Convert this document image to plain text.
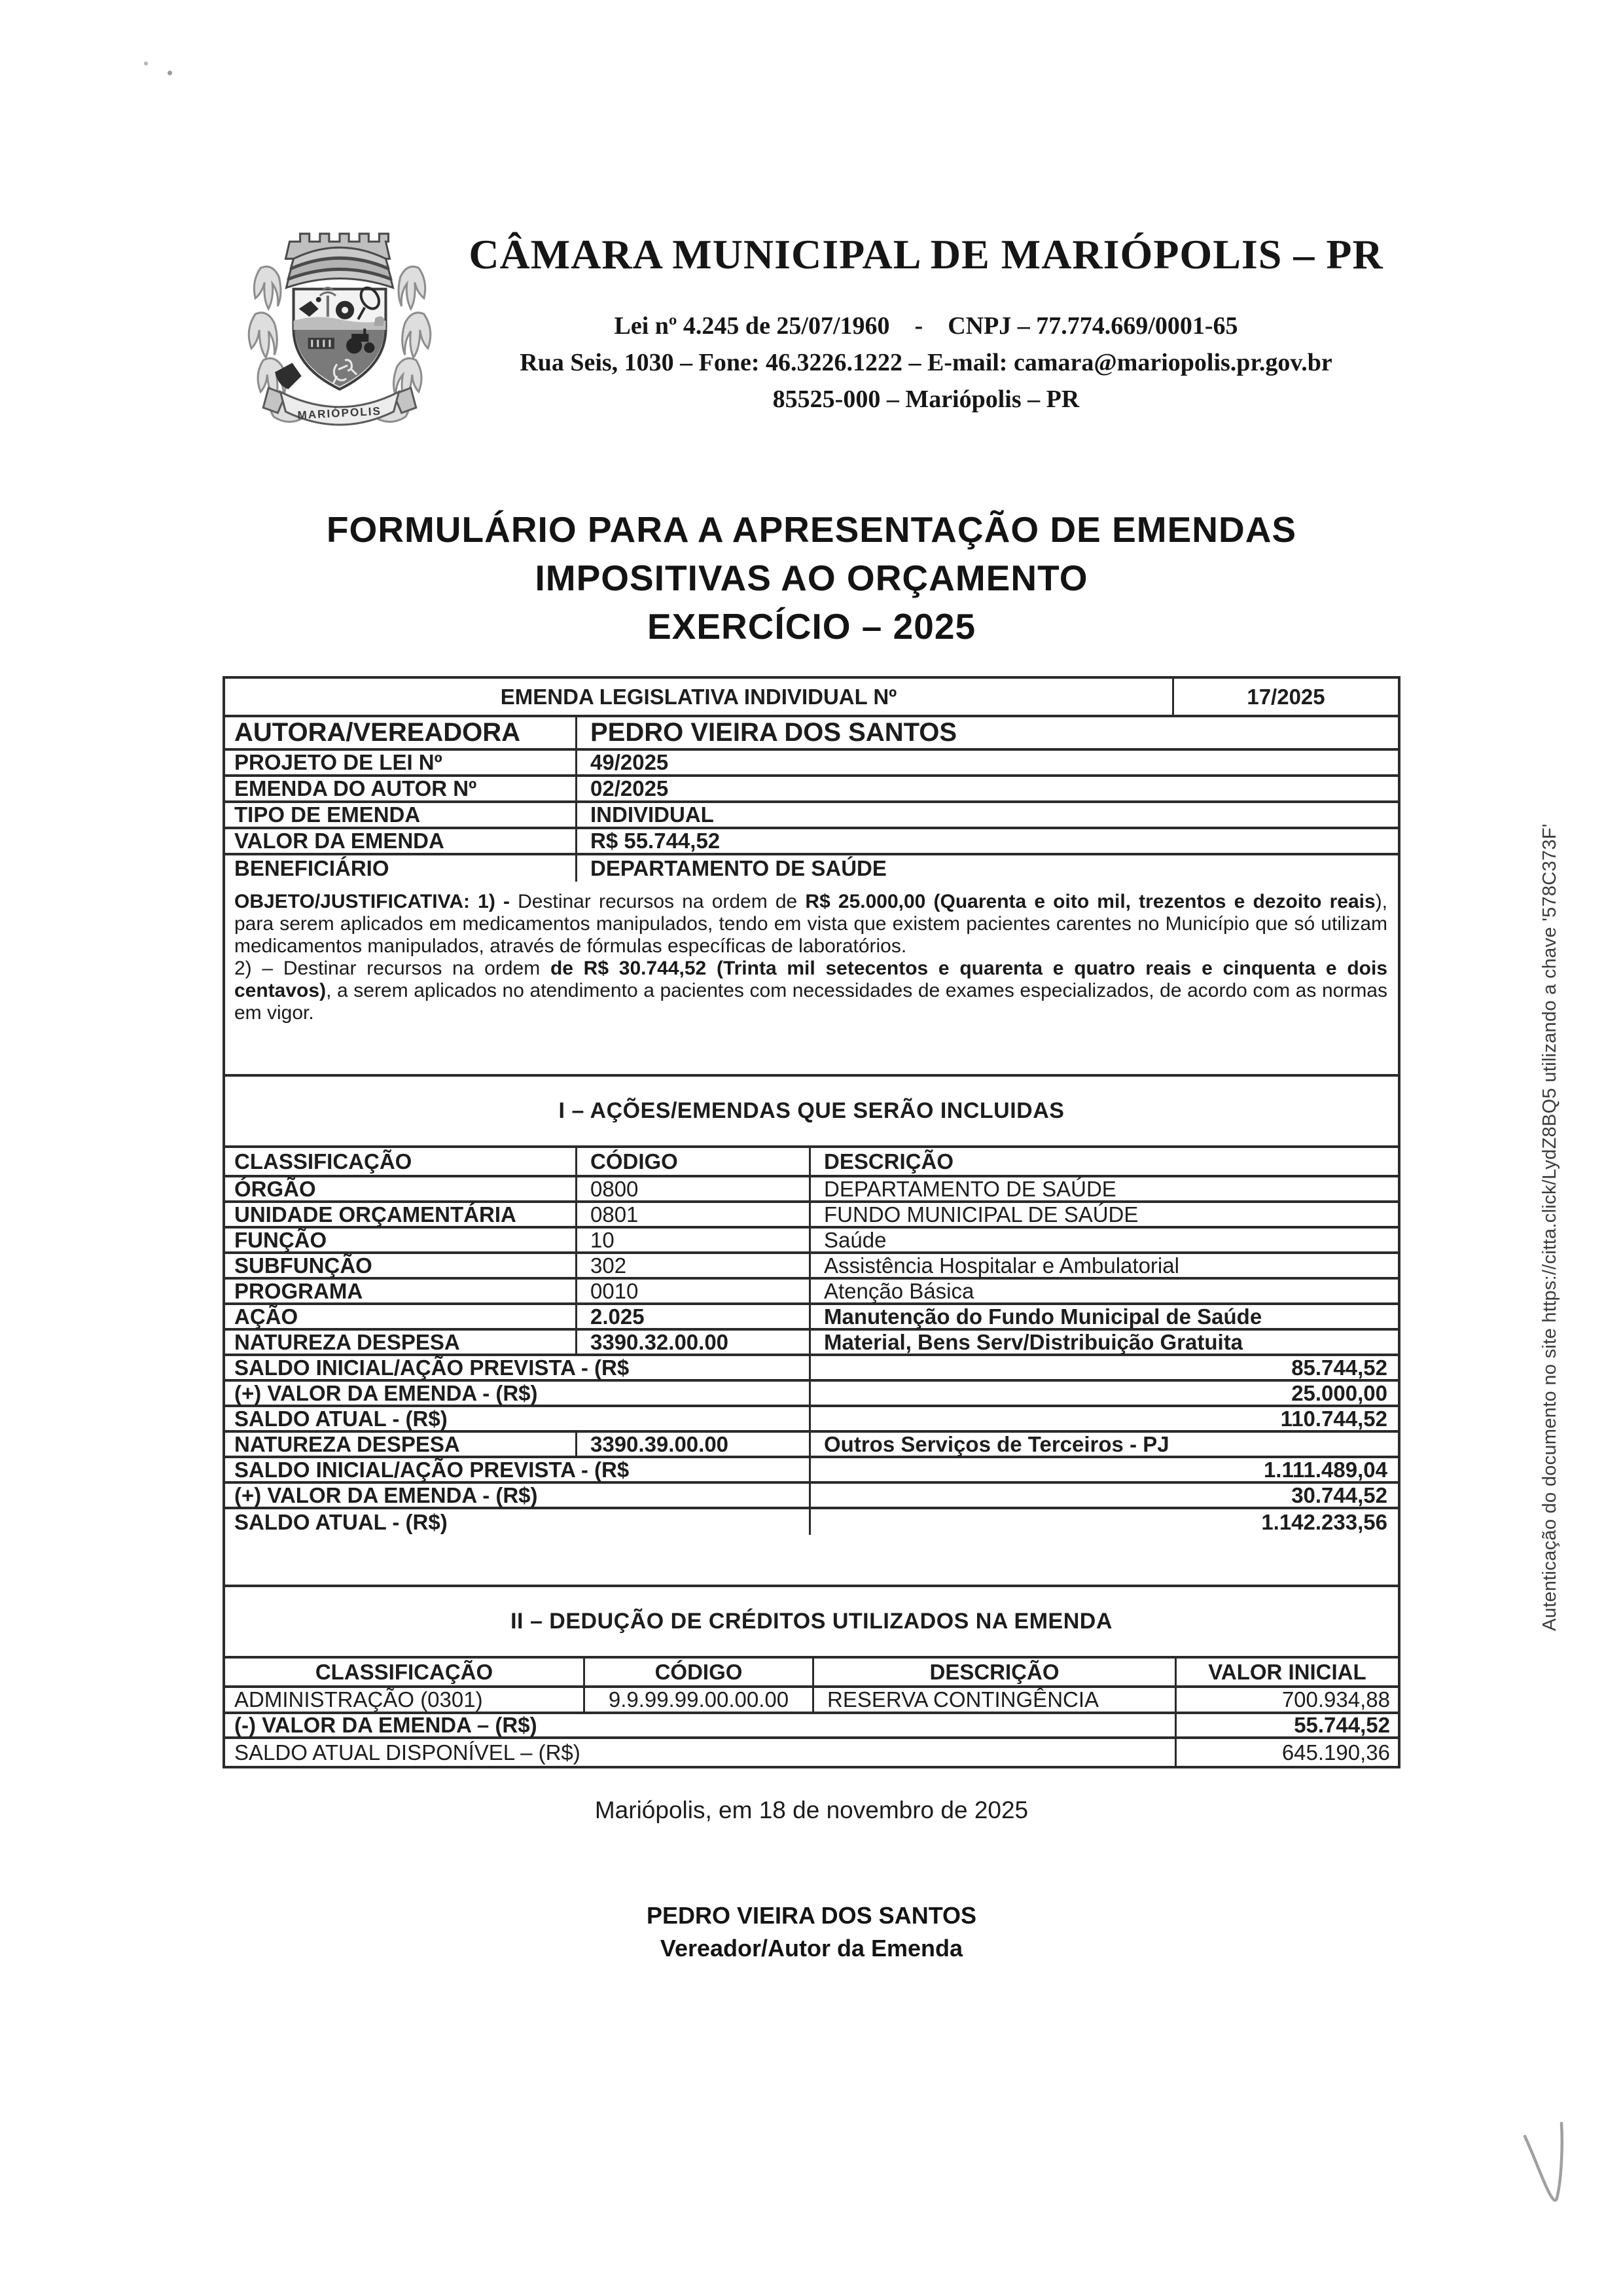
MARIÓPOLIS
CÂMARA MUNICIPAL DE MARIÓPOLIS – PR
Lei nº 4.245 de 25/07/1960    -    CNPJ – 77.774.669/0001-65
Rua Seis, 1030 – Fone: 46.3226.1222 – E-mail: camara@mariopolis.pr.gov.br
85525-000 – Mariópolis – PR
FORMULÁRIO PARA A APRESENTAÇÃO DE EMENDAS
IMPOSITIVAS AO ORÇAMENTO
EXERCÍCIO – 2025
EMENDA LEGISLATIVA INDIVIDUAL Nº	17/2025
AUTORA/VEREADORA	PEDRO VIEIRA DOS SANTOS
PROJETO DE LEI Nº	49/2025
EMENDA DO AUTOR Nº	02/2025
TIPO DE EMENDA	INDIVIDUAL
VALOR DA EMENDA	R$ 55.744,52
BENEFICIÁRIO	DEPARTAMENTO DE SAÚDE
OBJETO/JUSTIFICATIVA: 1) - Destinar recursos na ordem de R$ 25.000,00 (Quarenta e oito mil, trezentos e dezoito reais), para serem aplicados em medicamentos manipulados, tendo em vista que existem pacientes carentes no Município que só utilizam medicamentos manipulados, através de fórmulas específicas de laboratórios.
2) – Destinar recursos na ordem de R$ 30.744,52 (Trinta mil setecentos e quarenta e quatro reais e cinquenta e dois centavos), a serem aplicados no atendimento a pacientes com necessidades de exames especializados, de acordo com as normas em vigor.
I – AÇÕES/EMENDAS QUE SERÃO INCLUIDAS
CLASSIFICAÇÃO	CÓDIGO	DESCRIÇÃO
ÓRGÃO	0800	DEPARTAMENTO DE SAÚDE
UNIDADE ORÇAMENTÁRIA	0801	FUNDO MUNICIPAL DE SAÚDE
FUNÇÃO	10	Saúde
SUBFUNÇÃO	302	Assistência Hospitalar e Ambulatorial
PROGRAMA	0010	Atenção Básica
AÇÃO	2.025	Manutenção do Fundo Municipal de Saúde
NATUREZA DESPESA	3390.32.00.00	Material, Bens Serv/Distribuição Gratuita
SALDO INICIAL/AÇÃO PREVISTA - (R$	85.744,52
(+) VALOR DA EMENDA - (R$)	25.000,00
SALDO ATUAL - (R$)	110.744,52
NATUREZA DESPESA	3390.39.00.00	Outros Serviços de Terceiros - PJ
SALDO INICIAL/AÇÃO PREVISTA - (R$	1.111.489,04
(+) VALOR DA EMENDA - (R$)	30.744,52
SALDO ATUAL - (R$)	1.142.233,56
II – DEDUÇÃO DE CRÉDITOS UTILIZADOS NA EMENDA
CLASSIFICAÇÃO	CÓDIGO	DESCRIÇÃO	VALOR INICIAL
ADMINISTRAÇÃO (0301)	9.9.99.99.00.00.00	RESERVA CONTINGÊNCIA	700.934,88
(-) VALOR DA EMENDA – (R$)	55.744,52
SALDO ATUAL DISPONÍVEL – (R$)	645.190,36
Mariópolis, em 18 de novembro de 2025
PEDRO VIEIRA DOS SANTOS
Vereador/Autor da Emenda
Autenticação do documento no site https://citta.click/LydZ8BQ5 utilizando a chave '578C373F'
